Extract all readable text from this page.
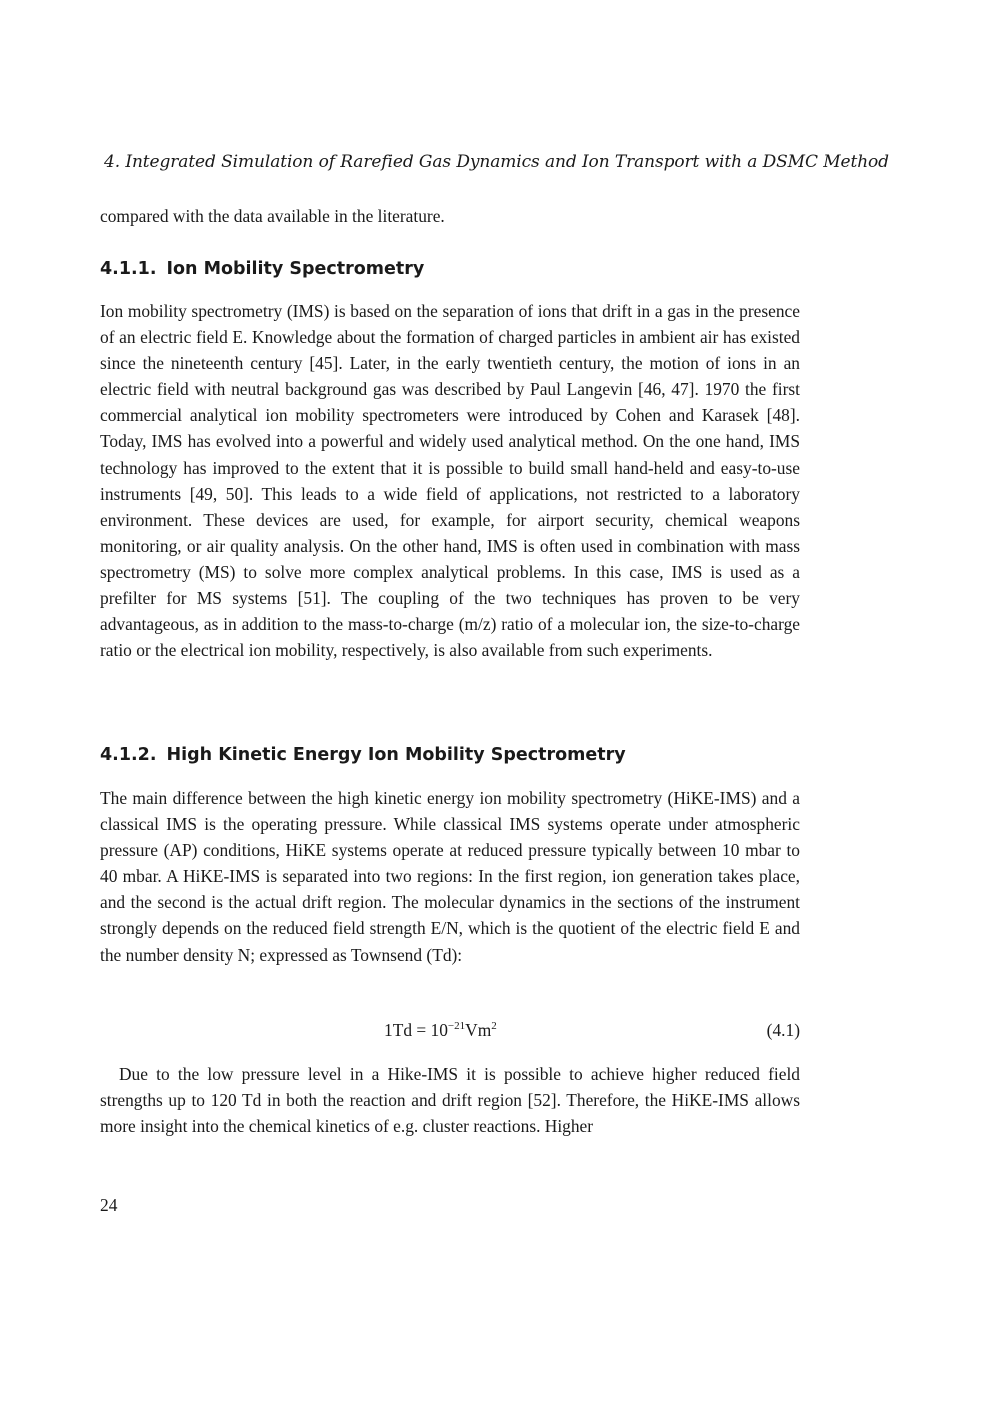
4. Integrated Simulation of Rarefied Gas Dynamics and Ion Transport with a DSMC Method

compared with the data available in the literature.

4.1.1. Ion Mobility Spectrometry

Ion mobility spectrometry (IMS) is based on the separation of ions that drift in a gas in the presence of an electric field E. Knowledge about the formation of charged particles in ambient air has existed since the nineteenth century [45]. Later, in the early twentieth century, the motion of ions in an electric field with neutral background gas was described by Paul Langevin [46, 47]. 1970 the first commercial analytical ion mobility spectrometers were introduced by Cohen and Karasek [48]. Today, IMS has evolved into a powerful and widely used analytical method. On the one hand, IMS technology has improved to the extent that it is possible to build small hand-held and easy-to-use instruments [49, 50]. This leads to a wide field of applications, not restricted to a laboratory environment. These devices are used, for example, for airport security, chemical weapons monitoring, or air quality analysis. On the other hand, IMS is often used in combination with mass spectrometry (MS) to solve more complex analytical problems. In this case, IMS is used as a prefilter for MS systems [51]. The coupling of the two techniques has proven to be very advantageous, as in addition to the mass-to-charge (m/z) ratio of a molecular ion, the size-to-charge ratio or the electrical ion mobility, respectively, is also available from such experiments.

4.1.2. High Kinetic Energy Ion Mobility Spectrometry

The main difference between the high kinetic energy ion mobility spectrometry (HiKE-IMS) and a classical IMS is the operating pressure. While classical IMS systems operate under atmospheric pressure (AP) conditions, HiKE systems operate at reduced pressure typically between 10 mbar to 40 mbar. A HiKE-IMS is separated into two regions: In the first region, ion generation takes place, and the second is the actual drift region. The molecular dynamics in the sections of the instrument strongly depends on the reduced field strength E/N, which is the quotient of the electric field E and the number density N; expressed as Townsend (Td):

$1Td = 10^{-21}Vm^2$	(4.1)

Due to the low pressure level in a Hike-IMS it is possible to achieve higher reduced field strengths up to 120 Td in both the reaction and drift region [52]. Therefore, the HiKE-IMS allows more insight into the chemical kinetics of e.g. cluster reactions. Higher

24
